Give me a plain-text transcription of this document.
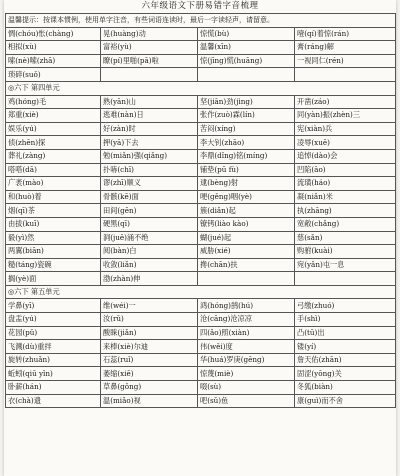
六年级语文下册易错字音梳理
温馨提示：按课本惯例，使用单字注音，有些词语连读时，最后一字读轻声，请留意。			
惆(chóu)怅(chàng)	晃(huàng)动	惊慌(bù)	噎(qí)着惊(rán)
相拟(xù)	富裕(yù)	温馨(xīn)	膏(ráng)解
嗦(nè)嗦(zhā)	瞭(pí)里啪(pā)啦	惊(jīng)慌(huāng)	一视同仁(rén)
琐碎(suǒ)			
◎六下 第四单元			
鸡(hóng)毛	熟(yān)山	坚(jiān)劲(jìng)	开凿(záo)
郑重(xiè)	逃难(nàn)日	张作(zuò)霖(lín)	同(yàn)振(zhèn)三
娱乐(yú)	好(zàn)时	苦闷(xíng)	宪(xiàn)兵
侦(zhēn)探	押(yā)下去	李大钊(zhāo)	凌辱(xuē)
葬礼(zàng)	勉(miǎn)强(qiǎng)	李鼎(dǐng)铭(míng)	追悼(dào)会
嗒嗒(dā)	扑哧(chī)	铺垫(pū fù)	凹陷(āo)
广袤(mào)	谬(zhī)顺义	逮(bèng)射	流璜(háo)
和(huò)着	骨骸(kē)面	哽(gěng)咽(yè)	凝(niǎn)米
烟(qī)茶	田间(gēn)	簇(diǎn)起	执(zhāng)
由拔(kuī)	硬黑(qī)	镣铐(liào kào)	宽敞(chǎng)
毅(yì)然	洞(juě)涌不绝	蝴(jué)起	慈(sǎn)
两翼(biān)	阅(bàn)白	威胁(xié)	购驸(kuài)
糙(táng)瓷碗	收敛(liǎn)	搀(chān)扶	宛(yǎn)屯一息
搁(yè)面	渤(zhàn)伸		
◎六下 第五单元			
学鼻(yī)	维(wéi)一	鸿(hóng)鹄(hú)	弓缴(zhuó)
盘盂(yú)	汝(rǔ)	沧(cāng)沧凉凉	手(shì)
花园(pǔ)	酸睐(jiǎn)	四(ǎo)照(xiàn)	凸(tū)出
飞溅(dù)重拌	来棒(xiè)尔迪	伟(wěi)度	镂(yí)
旋转(zhuǎn)	石蕊(ruǐ)	华(huá)罗庚(gēng)	詹天佑(zhān)
蚯蚓(qiū yǐn)	萎缩(xiē)	惊蔑(miè)	固涩(yōng)关
卧薪(hán)	草鼻(gǒng)	啜(sù)	冬狐(biàn)
衣(chà)遗	温(miǎo)视	吧(sǔ)鱼	康(guì)而不舍
